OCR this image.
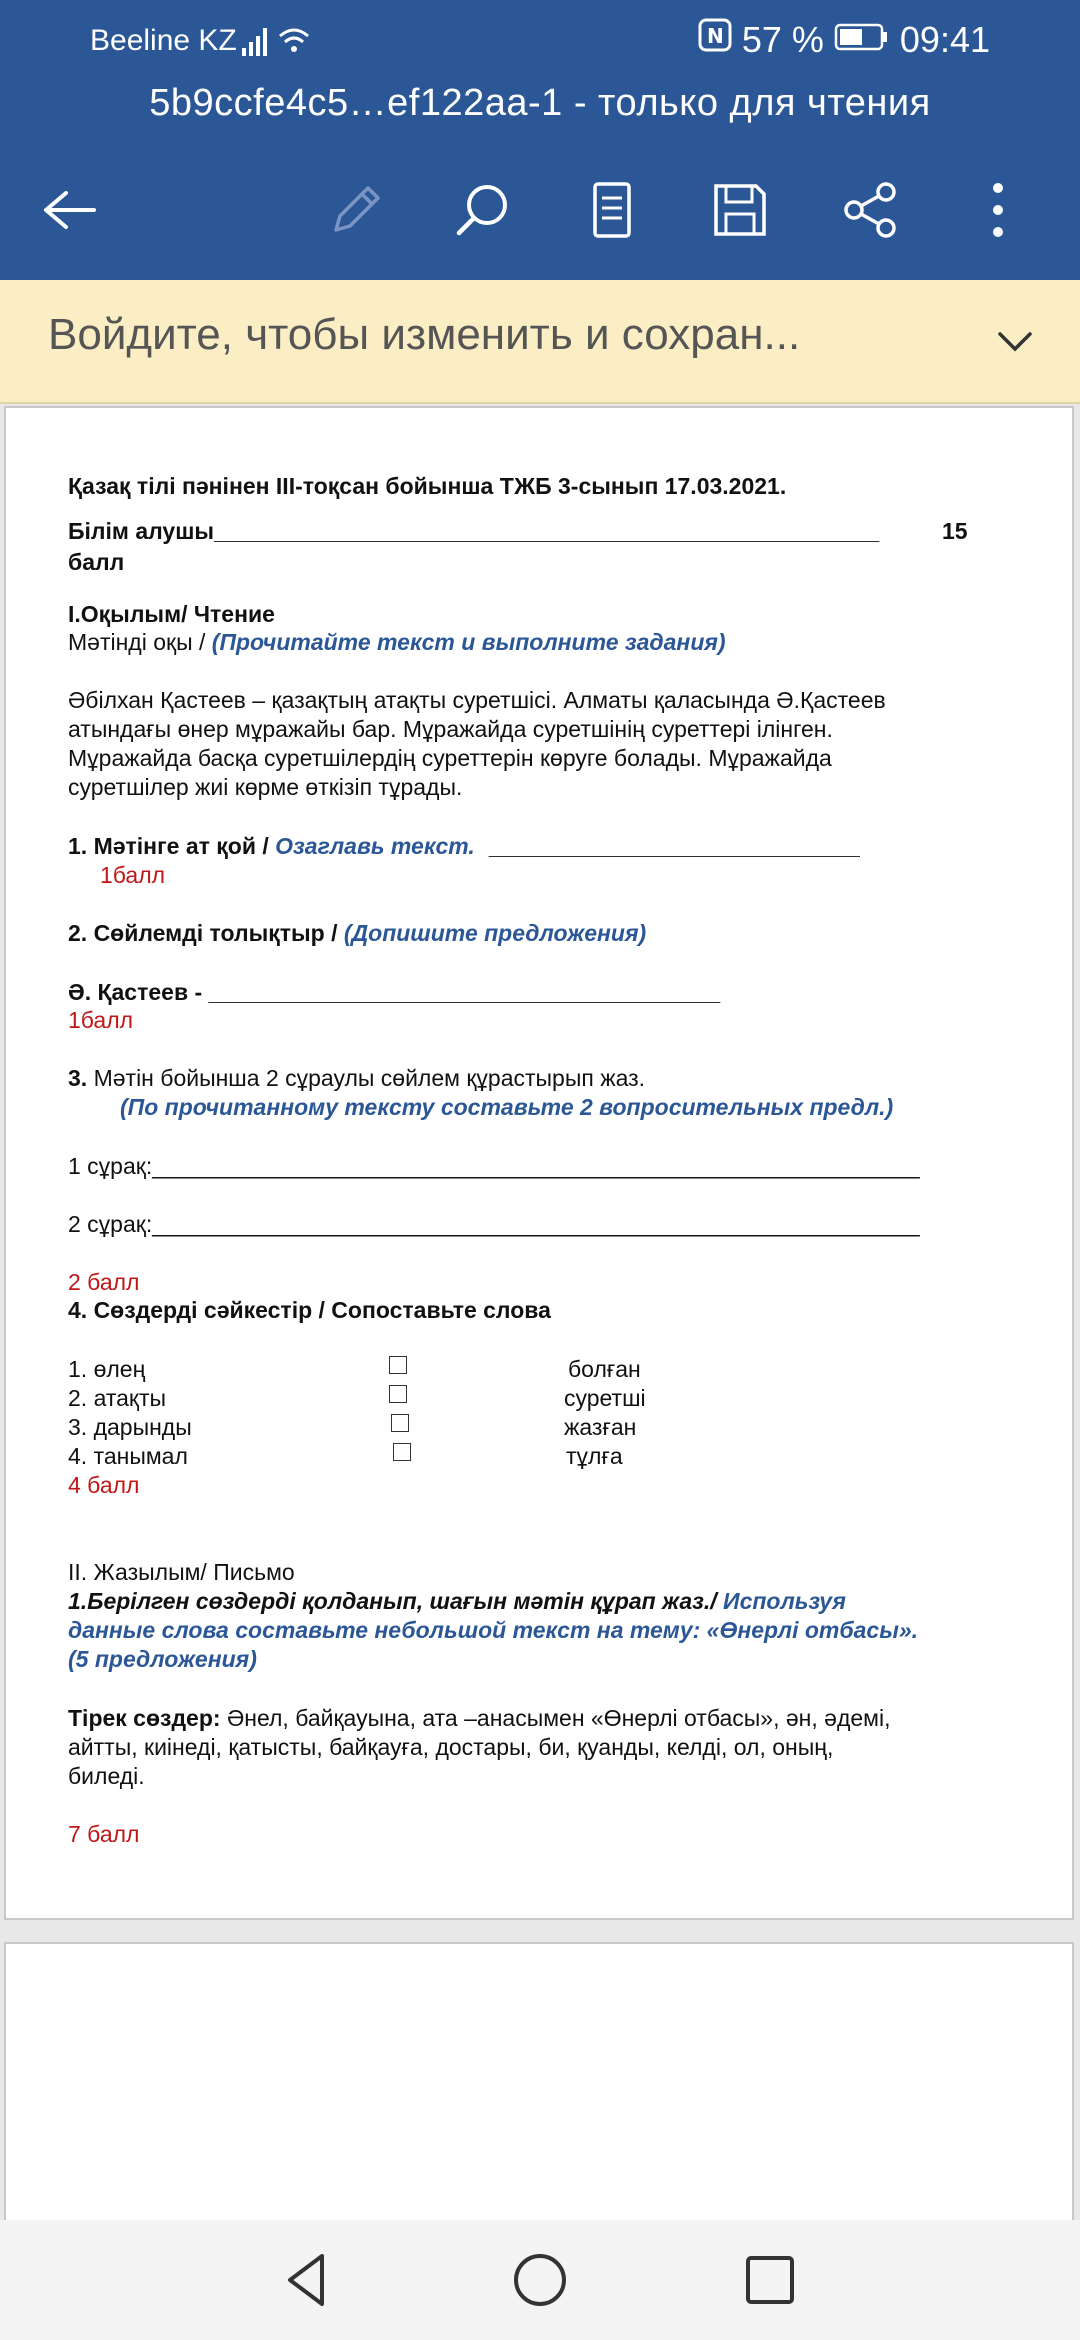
Beeline KZ	N 57 % 09:41
5b9ccfe4c5…ef122aa-1 - только для чтения
Войдите, чтобы изменить и сохран...
Қазақ тілі пәнінен ІІІ-тоқсан бойынша ТЖБ 3-сынып 17.03.2021.
Білім алушы____________________________________________________	15
балл
І.Оқылым/ Чтение
Мәтінді оқы / (Прочитайте текст и выполните задания)
Әбілхан Қастеев – қазақтың атақты суретшісі. Алматы қаласында Ә.Қастеев
атындағы өнер мұражайы бар. Мұражайда суретшінің суреттері ілінген.
Мұражайда басқа суретшілердің суреттерін көруге болады. Мұражайда
суретшілер жиі көрме өткізіп тұрады.
1. Мәтінге ат қой / Озаглавь текст. _____________________________
1балл
2. Сөйлемді толықтыр / (Допишите предложения)
Ә. Қастеев - ________________________________________
1балл
3. Мәтін бойынша 2 сұраулы сөйлем құрастырып жаз.
(По прочитанному тексту составьте 2 вопросительных предл.)
1 сұрақ:____________________________________________________________
2 сұрақ:____________________________________________________________
2 балл
4. Сөздерді сәйкестір / Сопоставьте слова
1. өлең
2. атақты
3. дарынды
4. танымал
болған
суретші
жазған
тұлға
4 балл
ІІ. Жазылым/ Письмо
1.Берілген сөздерді қолданып, шағын мәтін құрап жаз./ Используя
данные слова составьте небольшой текст на тему: «Өнерлі отбасы».
(5 предложения)
Тірек сөздер: Әнел, байқауына, ата –анасымен «Өнерлі отбасы», ән, әдемі,
айтты, киінеді, қатысты, байқауға, достары, би, қуанды, келді, ол, оның,
биледі.
7 балл
